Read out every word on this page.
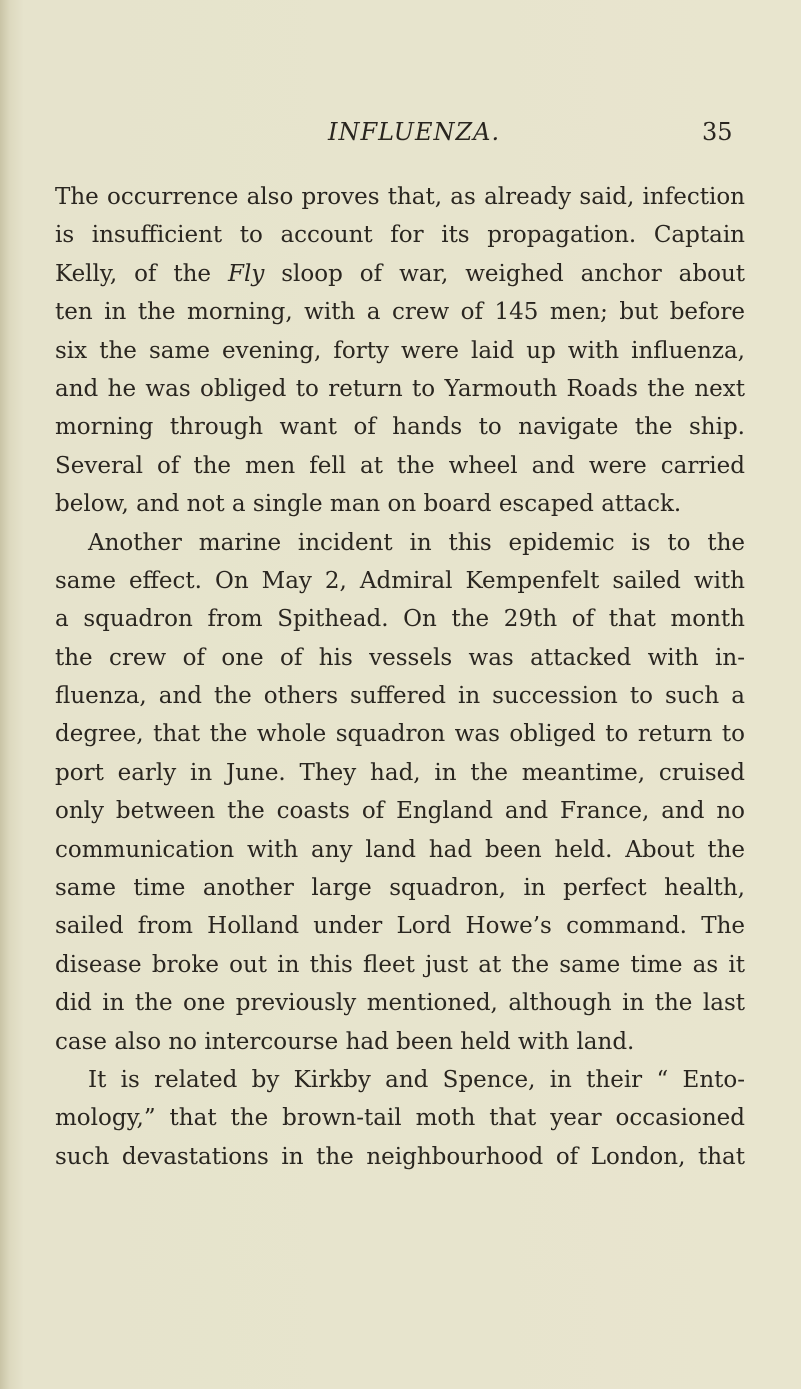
INFLUENZA.	35
The occurrence also proves that, as already said, infection
is insufficient to account for its propagation. Captain
Kelly, of the Fly sloop of war, weighed anchor about
ten in the morning, with a crew of 145 men; but before
six the same evening, forty were laid up with influenza,
and he was obliged to return to Yarmouth Roads the next
morning through want of hands to navigate the ship.
Several of the men fell at the wheel and were carried
below, and not a single man on board escaped attack.
Another marine incident in this epidemic is to the
same effect. On May 2, Admiral Kempenfelt sailed with
a squadron from Spithead. On the 29th of that month
the crew of one of his vessels was attacked with in-
fluenza, and the others suffered in succession to such a
degree, that the whole squadron was obliged to return to
port early in June. They had, in the meantime, cruised
only between the coasts of England and France, and no
communication with any land had been held. About the
same time another large squadron, in perfect health,
sailed from Holland under Lord Howe’s command. The
disease broke out in this fleet just at the same time as it
did in the one previously mentioned, although in the last
case also no intercourse had been held with land.
It is related by Kirkby and Spence, in their “ Ento-
mology,” that the brown-tail moth that year occasioned
such devastations in the neighbourhood of London, that
